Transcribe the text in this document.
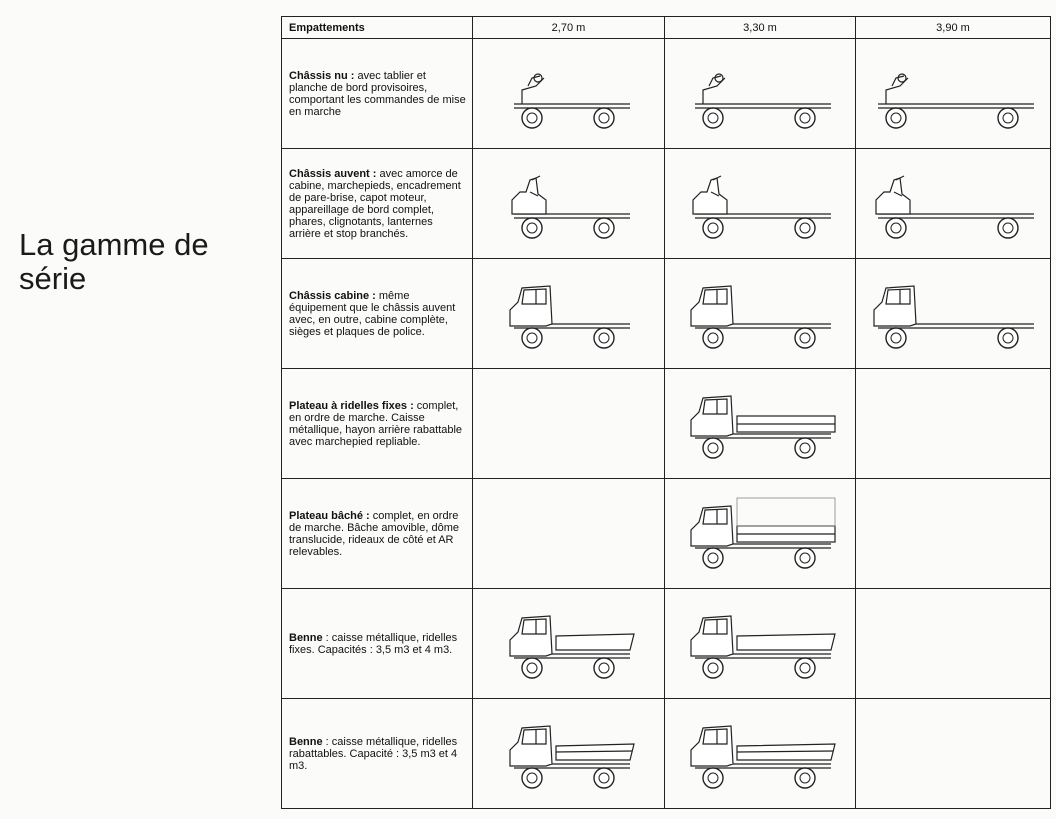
La gamme de
série
Empattements	2,70 m	3,30 m	3,90 m
Châssis nu : avec tablier et planche de bord provisoires, comportant les commandes de mise en marche	

Châssis auvent : avec amorce de cabine, marchepieds, encadrement de pare-brise, capot moteur, appareillage de bord complet, phares, clignotants, lanternes arrière et stop branchés.	

Châssis cabine : même équipement que le châssis auvent avec, en outre, cabine complète, sièges et plaques de police.	

Plateau à ridelles fixes : complet, en ordre de marche. Caisse métallique, hayon arrière rabattable avec marchepied repliable.		

Plateau bâché : complet, en ordre de marche. Bâche amovible, dôme translucide, rideaux de côté et AR relevables.		

Benne : caisse métallique, ridelles fixes. Capacités : 3,5 m3 et 4 m3.	

Benne : caisse métallique, ridelles rabattables. Capacité : 3,5 m3 et 4 m3.	
